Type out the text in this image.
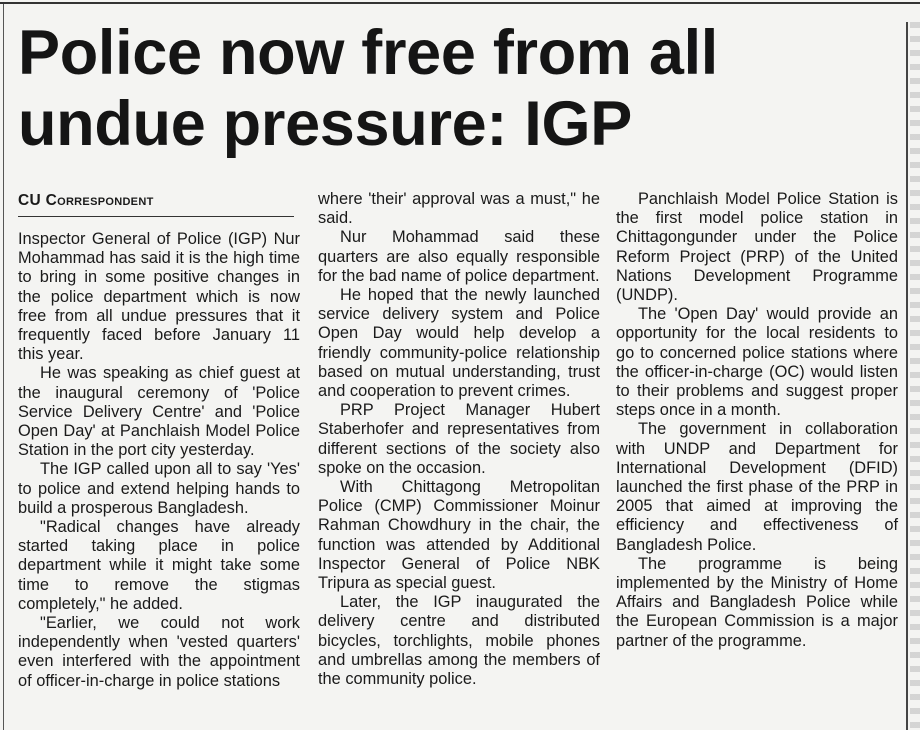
Police now free from all undue pressure: IGP
CU Correspondent

Inspector General of Police (IGP) Nur Mohammad has said it is the high time to bring in some positive changes in the police department which is now free from all undue pressures that it frequently faced before January 11 this year.

He was speaking as chief guest at the inaugural ceremony of 'Police Service Delivery Centre' and 'Police Open Day' at Panchlaish Model Police Station in the port city yesterday.

The IGP called upon all to say 'Yes' to police and extend helping hands to build a prosperous Bangladesh.

"Radical changes have already started taking place in police department while it might take some time to remove the stigmas completely," he added.

"Earlier, we could not work independently when 'vested quarters' even interfered with the appointment of officer-in-charge in police stations

where 'their' approval was a must," he said.

Nur Mohammad said these quarters are also equally responsible for the bad name of police department.

He hoped that the newly launched service delivery system and Police Open Day would help develop a friendly community-police relationship based on mutual understanding, trust and cooperation to prevent crimes.

PRP Project Manager Hubert Staberhofer and representatives from different sections of the society also spoke on the occasion.

With Chittagong Metropolitan Police (CMP) Commissioner Moinur Rahman Chowdhury in the chair, the function was attended by Additional Inspector General of Police NBK Tripura as special guest.

Later, the IGP inaugurated the delivery centre and distributed bicycles, torchlights, mobile phones and umbrellas among the members of the community police.

Panchlaish Model Police Station is the first model police station in Chittagongunder under the Police Reform Project (PRP) of the United Nations Development Programme (UNDP).

The 'Open Day' would provide an opportunity for the local residents to go to concerned police stations where the officer-in-charge (OC) would listen to their problems and suggest proper steps once in a month.

The government in collaboration with UNDP and Department for International Development (DFID) launched the first phase of the PRP in 2005 that aimed at improving the efficiency and effectiveness of Bangladesh Police.

The programme is being implemented by the Ministry of Home Affairs and Bangladesh Police while the European Commission is a major partner of the programme.
